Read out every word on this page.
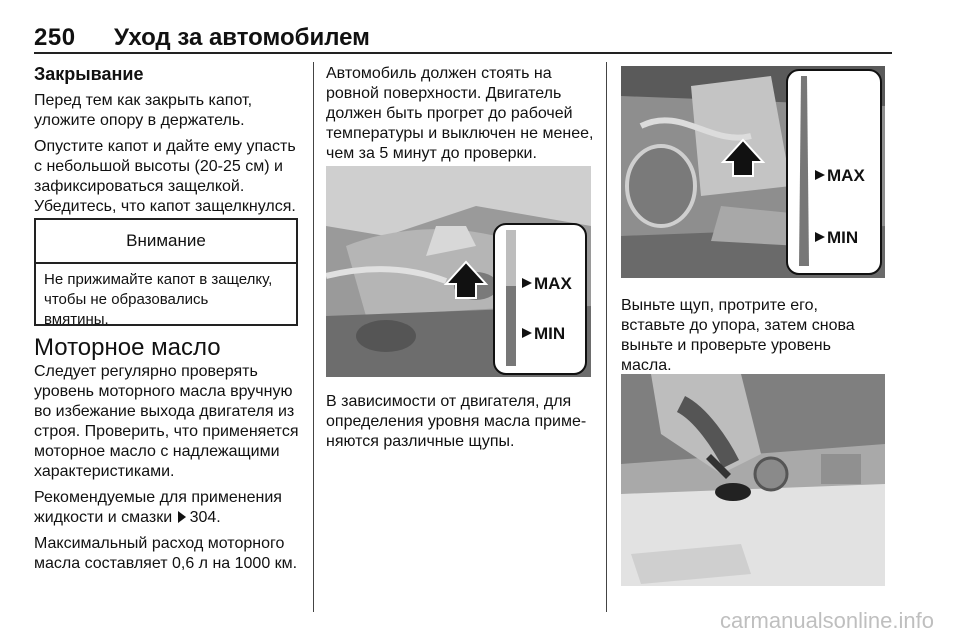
250 Уход за автомобилем

Закрывание

Перед тем как закрыть капот,
уложите опору в держатель.

Опустите капот и дайте ему упасть
с небольшой высоты (20-25 см) и
зафиксироваться защелкой.
Убедитесь, что капот защелкнулся.

Внимание
Не прижимайте капот в защелку,
чтобы не образовались
вмятины.

Моторное масло

Следует регулярно проверять
уровень моторного масла вручную
во избежание выхода двигателя из
строя. Проверить, что применяется
моторное масло с надлежащими
характеристиками.

Рекомендуемые для применения
жидкости и смазки 304.

Максимальный расход моторного
масла составляет 0,6 л на 1000 км.

Автомобиль должен стоять на
ровной поверхности. Двигатель
должен быть прогрет до рабочей
температуры и выключен не менее,
чем за 5 минут до проверки.

MAX
MIN

В зависимости от двигателя, для
определения уровня масла приме-
няются различные щупы.

MAX
MIN

Выньте щуп, протрите его,
вставьте до упора, затем снова
выньте и проверьте уровень
масла.

carmanualsonline.info
